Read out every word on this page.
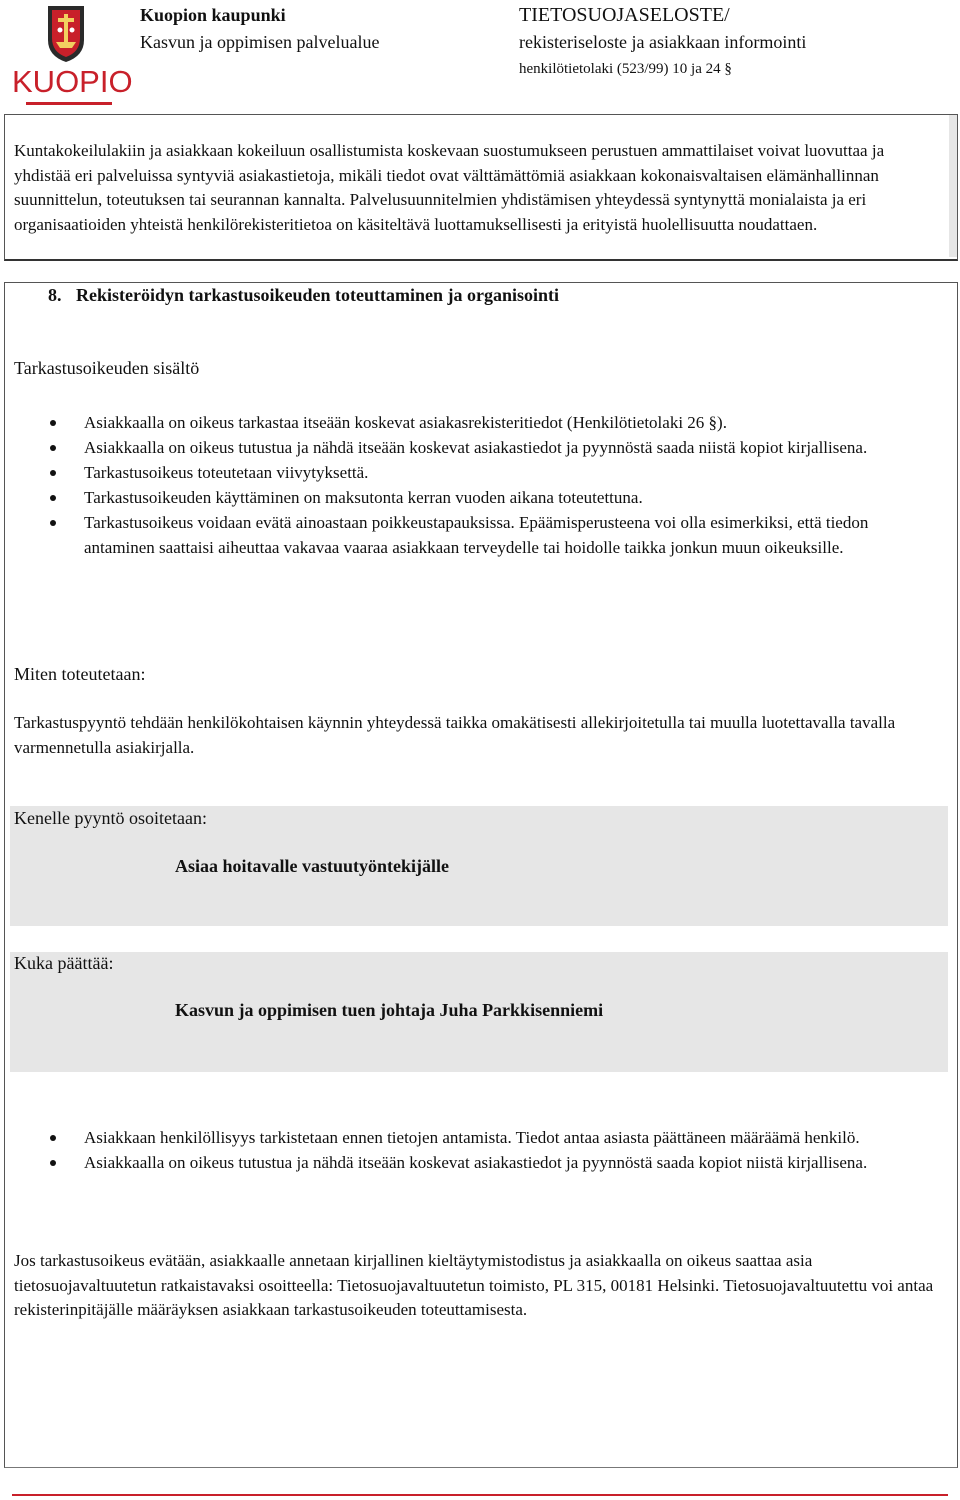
KUOPIO
Kuopion kaupunki
Kasvun ja oppimisen palvelualue
TIETOSUOJASELOSTE/
rekisteriseloste ja asiakkaan informointi
henkilötietolaki (523/99) 10 ja 24 §
Kuntakokeilulakiin ja asiakkaan kokeiluun osallistumista koskevaan suostumukseen perustuen ammattilaiset voivat luovuttaa ja yhdistää eri palveluissa syntyviä asiakastietoja, mikäli tiedot ovat välttämättömiä asiakkaan kokonaisvaltaisen elämänhallinnan suunnittelun, toteutuksen tai seurannan kannalta. Palvelusuunnitelmien yhdistämisen yhteydessä syntynyttä monialaista ja eri organisaatioiden yhteistä henkilörekisteritietoa on käsiteltävä luottamuksellisesti ja erityistä huolellisuutta noudattaen.
8. Rekisteröidyn tarkastusoikeuden toteuttaminen ja organisointi
Tarkastusoikeuden sisältö
Asiakkaalla on oikeus tarkastaa itseään koskevat asiakasrekisteritiedot (Henkilötietolaki 26 §).
Asiakkaalla on oikeus tutustua ja nähdä itseään koskevat asiakastiedot ja pyynnöstä saada niistä kopiot kirjallisena.
Tarkastusoikeus toteutetaan viivytyksettä.
Tarkastusoikeuden käyttäminen on maksutonta kerran vuoden aikana toteutettuna.
Tarkastusoikeus voidaan evätä ainoastaan poikkeustapauksissa. Epäämisperusteena voi olla esimerkiksi, että tiedon antaminen saattaisi aiheuttaa vakavaa vaaraa asiakkaan terveydelle tai hoidolle taikka jonkun muun oikeuksille.
Miten toteutetaan:
Tarkastuspyyntö tehdään henkilökohtaisen käynnin yhteydessä taikka omakätisesti allekirjoitetulla tai muulla luotettavalla tavalla varmennetulla asiakirjalla.
Kenelle pyyntö osoitetaan:
Asiaa hoitavalle vastuutyöntekijälle
Kuka päättää:
Kasvun ja oppimisen tuen johtaja Juha Parkkisenniemi
Asiakkaan henkilöllisyys tarkistetaan ennen tietojen antamista. Tiedot antaa asiasta päättäneen määräämä henkilö.
Asiakkaalla on oikeus tutustua ja nähdä itseään koskevat asiakastiedot ja pyynnöstä saada kopiot niistä kirjallisena.
Jos tarkastusoikeus evätään, asiakkaalle annetaan kirjallinen kieltäytymistodistus ja asiakkaalla on oikeus saattaa asia tietosuojavaltuutetun ratkaistavaksi osoitteella: Tietosuojavaltuutetun toimisto, PL 315, 00181 Helsinki. Tietosuojavaltuutettu voi antaa rekisterinpitäjälle määräyksen asiakkaan tarkastusoikeuden toteuttamisesta.
